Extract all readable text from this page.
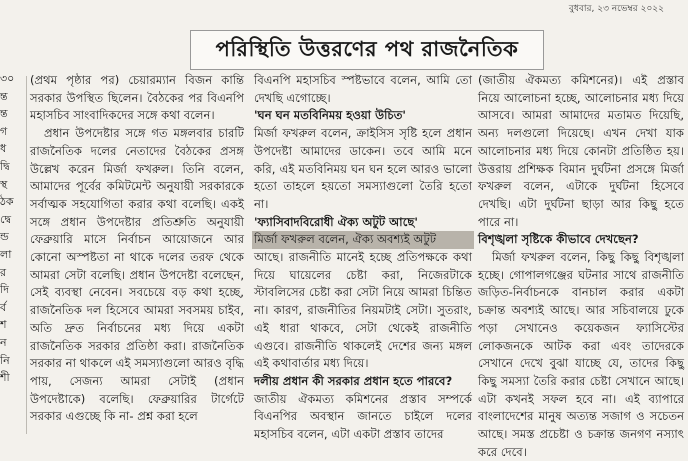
বুধবার, ২৩ নভেম্বর ২০২২
৩০
ন্ত
ন্ত
গ
ধ
দ্বি
স্থ
ঠক
দ্বে
ন্ড
লা
র
দি
র্ব
শ
ন
নি
শী
পরিস্থিতি উত্তরণের পথ রাজনৈতিক

(প্রথম পৃষ্ঠার পর) চেয়ারম্যান বিজন কান্তি সরকার উপস্থিত ছিলেন। বৈঠকের পর বিএনপি মহাসচিব সাংবাদিকদের সঙ্গে কথা বলেন।

প্রধান উপদেষ্টার সঙ্গে গত মঙ্গলবার চারটি রাজনৈতিক দলের নেতাদের বৈঠকের প্রসঙ্গ উল্লেখ করেন মির্জা ফখরুল। তিনি বলেন, আমাদের পূর্বের কমিটমেন্ট অনুযায়ী সরকারকে সর্বাত্মক সহযোগিতা করার কথা বলেছি। একই সঙ্গে প্রধান উপদেষ্টার প্রতিশ্রুতি অনুযায়ী ফেব্রুয়ারি মাসে নির্বাচন আয়োজনে আর কোনো অস্পষ্টতা না থাকে দলের তরফ থেকে আমরা সেটা বলেছি। প্রধান উপদেষ্টা বলেছেন, সেই ব্যবস্থা নেবেন। সবচেয়ে বড় কথা হচ্ছে, রাজনৈতিক দল হিসেবে আমরা সবসময় চাইব, অতি দ্রুত নির্বাচনের মধ্য দিয়ে একটা রাজনৈতিক সরকার প্রতিষ্ঠা করা। রাজনৈতিক সরকার না থাকলে এই সমস্যাগুলো আরও বৃদ্ধি পায়, সেজন্য আমরা সেটাই (প্রধান উপদেষ্টাকে) বলেছি। ফেব্রুয়ারির টার্গেটে সরকার এগুচ্ছে কি না- প্রশ্ন করা হলে

বিএনপি মহাসচিব স্পষ্টভাবে বলেন, আমি তো দেখছি এগোচ্ছে।

'ঘন ঘন মতবিনিময় হওয়া উচিত'

মির্জা ফখরুল বলেন, ক্রাইসিস সৃষ্টি হলে প্রধান উপদেষ্টা আমাদের ডাকেন। তবে আমি মনে করি, এই মতবিনিময় ঘন ঘন হলে আরও ভালো হতো তাহলে হয়তো সমস্যাগুলো তৈরি হতো না।

'ফ্যাসিবাদবিরোধী ঐক্য অটুট আছে'

মির্জা ফখরুল বলেন, ঐক্য অবশ্যই অটুট

আছে। রাজনীতি মানেই হচ্ছে প্রতিপক্ষকে কথা দিয়ে ঘায়েলের চেষ্টা করা, নিজেরটাকে স্টাবলিসের চেষ্টা করা সেটা নিয়ে আমরা চিন্তিত না। কারণ, রাজনীতির নিয়মটাই সেটা। সুতরাং, এই ধারা থাকবে, সেটা থেকেই রাজনীতি এগুবে। রাজনীতি থাকলেই দেশের জন্য মঙ্গল এই কথাবার্তার মধ্য দিয়ে।

দলীয় প্রধান কী সরকার প্রধান হতে পারবে?

জাতীয় ঐকমত্য কমিশনের প্রস্তাব সম্পর্কে বিএনপির অবস্থান জানতে চাইলে দলের মহাসচিব বলেন, এটা একটা প্রস্তাব তাদের

(জাতীয় ঐকমত্য কমিশনের)। এই প্রস্তাব নিয়ে আলোচনা হচ্ছে, আলোচনার মধ্য দিয়ে আসবে। আমরা আমাদের মতামত দিয়েছি, অন্য দলগুলো দিয়েছে। এখন দেখা যাক আলোচনার মধ্য দিয়ে কোনটা প্রতিষ্ঠিত হয়। উত্তরায় প্রশিক্ষক বিমান দুর্ঘটনা প্রসঙ্গে মির্জা ফখরুল বলেন, এটাকে দুর্ঘটনা হিসেবে দেখছি। এটা দুর্ঘটনা ছাড়া আর কিছু হতে পারে না।

বিশৃঙ্খলা সৃষ্টিকে কীভাবে দেখছেন?

মির্জা ফখরুল বলেন, কিছু কিছু বিশৃঙ্খলা হচ্ছে। গোপালগঞ্জের ঘটনার সাথে রাজনীতি জড়িত-নির্বাচনকে বানচাল করার একটা চক্রান্ত অবশ্যই আছে। আর সচিবালয়ে ঢুকে পড়া সেখানেও কয়েকজন ফ্যাসিস্টের লোকজনকে আটক করা এবং তাদেরকে সেখানে দেখে বুঝা যাচ্ছে যে, তাদের কিছু কিছু সমস্যা তৈরি করার চেষ্টা সেখানে আছে। এটা কখনই সফল হবে না। এই ব্যাপারে বাংলাদেশের মানুষ অত্যন্ত সজাগ ও সচেতন আছে। সমস্ত প্রচেষ্টা ও চক্রান্ত জনগণ নস্যাৎ করে দেবে।
